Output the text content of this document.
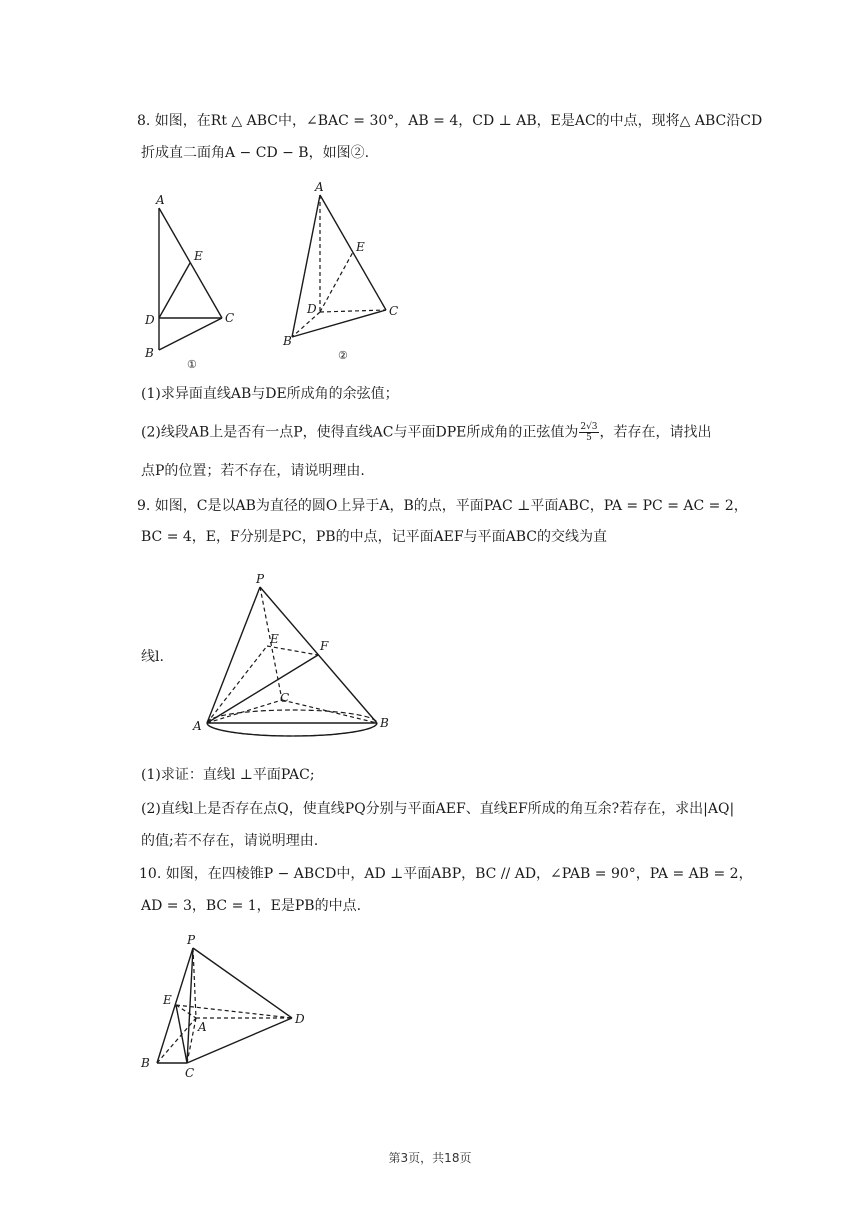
8. 如图，在Rt △ ABC中，∠BAC = 30°，AB = 4，CD ⊥ AB，E是AC的中点，现将△ ABC沿CD
折成直二面角A − CD − B，如图②.
A
E
D	C
B
①
A
E
D	C
B
②
(1)求异面直线AB与DE所成角的余弦值；
(2)线段AB上是否有一点P，使得直线AC与平面DPE所成角的正弦值为 $\frac{2√3}{5}$ ，若存在，请找出
点P的位置；若不存在，请说明理由.
9. 如图，C是以AB为直径的圆O上异于A，B的点，平面PAC ⊥平面ABC，PA = PC = AC = 2，
BC = 4，E，F分别是PC，PB的中点，记平面AEF与平面ABC的交线为直
P
E	F
C
A	B
线l.
(1)求证：直线l ⊥平面PAC;
(2)直线l上是否存在点Q，使直线PQ分别与平面AEF、直线EF所成的角互余?若存在，求出|AQ|
的值;若不存在，请说明理由.
10. 如图，在四棱锥P − ABCD中，AD ⊥平面ABP，BC // AD，∠PAB = 90°，PA = AB = 2，
AD = 3，BC = 1，E是PB的中点.
P
E
A
D
B
C
第3页，共18页
